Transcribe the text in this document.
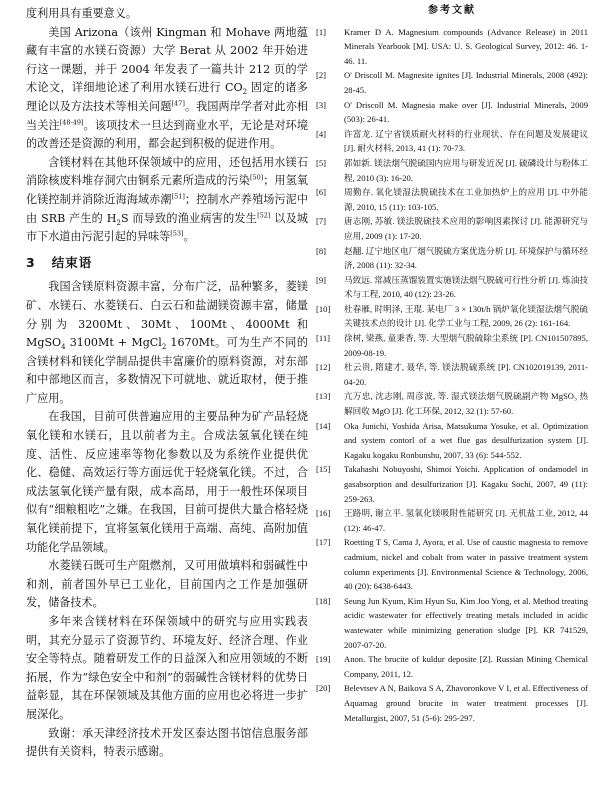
度利用具有重要意义。

美国 Arizona（该州 Kingman 和 Mohave 两地蕴藏有丰富的水镁石资源）大学 Berat 从 2002 年开始进行这一课题，并于 2004 年发表了一篇共计 212 页的学术论文，详细地论述了利用水镁石进行 $CO_2$ 固定的诸多理论以及方法技术等相关问题[47]。我国两岸学者对此亦相当关注[48-49]。该项技术一旦达到商业水平，无论是对环境的改善还是资源的利用，都会起到积极的促进作用。

含镁材料在其他环保领域中的应用，还包括用水镁石消除核废料堆存洞穴由铜系元素所造成的污染[50]；用氢氧化镁控制并消除近海海域赤潮[51]；控制水产养殖场污泥中由 SRB 产生的 $H_2S$ 而导致的渔业病害的发生[52] 以及城市下水道由污泥引起的异味等[53]。

3 结束语

我国含镁原料资源丰富，分布广泛，品种繁多，菱镁矿、水镁石、水菱镁石、白云石和盐湖镁资源丰富，储量分别为 3200Mt、30Mt、100Mt、4000Mt 和 MgSO$_4$ 3100Mt + MgCl$_2$ 1670Mt。可为生产不同的含镁材料和镁化学制品提供丰富廉价的原料资源，对东部和中部地区而言，多数情况下可就地、就近取材，便于推广应用。

在我国，目前可供普遍应用的主要品种为矿产品轻烧氧化镁和水镁石，且以前者为主。合成法氢氧化镁在纯度、活性、反应速率等物化参数以及为系统作业提供优化、稳健、高效运行等方面远优于轻烧氧化镁。不过，合成法氢氧化镁产量有限，成本高昂，用于一般性环保项目似有“细粮粗吃”之嫌。在我国，目前可提供大量合格轻烧氧化镁前提下，宜将氢氧化镁用于高端、高纯、高附加值功能化学品领域。

水菱镁石既可生产阻燃剂，又可用做填料和弱碱性中和剂，前者国外早已工业化，目前国内之工作是加强研发，储备技术。

多年来含镁材料在环保领域中的研究与应用实践表明，其充分显示了资源节约、环境友好、经济合理、作业安全等特点。随着研发工作的日益深入和应用领域的不断拓展，作为“绿色安全中和剂”的弱碱性含镁材料的优势日益彰显，其在环保领域及其他方面的应用也必将进一步扩展深化。

致谢：承天津经济技术开发区泰达图书馆信息服务部提供有关资料，特表示感谢。

参考文献
[1]	Kramer D A. Magnesium compounds (Advance Release) in 2011 Minerals Yearbook [M]. USA: U. S. Geological Survey, 2012: 46. 1-46. 11.
[2]	O' Driscoll M. Magnesite ignites [J]. Industrial Minerals, 2008 (492): 28-45.
[3]	O' Driscoll M. Magnesia make over [J]. Industrial Minerals, 2009 (503): 26-41.
[4]	许富龙. 辽宁省镁质耐火材料的行业现状、存在问题及发展建议 [J]. 耐火材料, 2013, 41 (1): 70-73.
[5]	郭如新. 镁法烟气脱硫国内应用与研发近况 [J]. 硫磷设计与粉体工程, 2010 (3): 16-20.
[6]	周勤存. 氧化镁湿法脱硫技术在工业加热炉上的应用 [J]. 中外能源, 2010, 15 (11): 103-105.
[7]	唐志刚, 苏敏. 镁法脱硫技术应用的影响因素探讨 [J]. 能源研究与应用, 2009 (1): 17-20.
[8]	赵翻. 辽宁地区电厂烟气脱硫方案优选分析 [J]. 环境保护与循环经济, 2008 (11): 32-34.
[9]	马致远. 常减压蒸馏装置实施镁法烟气脱硫可行性分析 [J]. 炼油技术与工程, 2010, 40 (12): 23-26.
[10]	杜春雁, 时明泽, 王琨. 某电厂 3 × 130t/h 锅炉氧化镁湿法烟气脱硫关键技术点的设计 [J]. 化学工业与工程, 2009, 26 (2): 161-164.
[11]	徐树, 梁燕, 童秉香, 等. 大型烟气脱硫除尘系统 [P]. CN101507895, 2009-08-19.
[12]	杜云贵, 隋建才, 聂华, 等. 镁法脱硫系统 [P]. CN102019139, 2011-04-20.
[13]	亢万忠, 沈志刚, 周彦波, 等. 湿式镁法烟气脱硫副产物 MgSO₃ 热解回收 MgO [J]. 化工环保, 2012, 32 (1): 57-60.
[14]	Oka Junichi, Yoshida Arisa, Matsukuma Yosuke, et al. Optimization and system contorl of a wet flue gas desulfurization system [J]. Kagaku kogaku Ronbunshu, 2007, 33 (6): 544-552.
[15]	Takahashi Nobuyoshi, Shimoi Yoichi. Application of ondamodel in gasabsorption and desulfurization [J]. Kagaku Sochi, 2007, 49 (11): 259-263.
[16]	王路明, 谢立平. 氢氧化镁吸附性能研究 [J]. 无机盐工业, 2012, 44 (12): 46-47.
[17]	Roetting T S, Cama J, Ayora, et al. Use of caustic magnesia to remove cadmium, nickel and cobalt from water in passive treatment system column experiments [J]. Environmental Science & Technology, 2006, 40 (20): 6438-6443.
[18]	Seung Jun Kyum, Kim Hyun Su, Kim Joo Yong, et al. Method treating acidic wastewater for effectively treating metals included in acidic wastewater while minimizing generation sludge [P]. KR 741529, 2007-07-20.
[19]	Anon. The brucite of kuldur deposite [Z]. Russian Mining Chemical Company, 2011, 12.
[20]	Belevtsev A N, Baikova S A, Zhavoronkove V I, et al. Effectiveness of Aquamag ground brucite in water treatment processes [J]. Metallurgist, 2007, 51 (5-6): 295-297.
